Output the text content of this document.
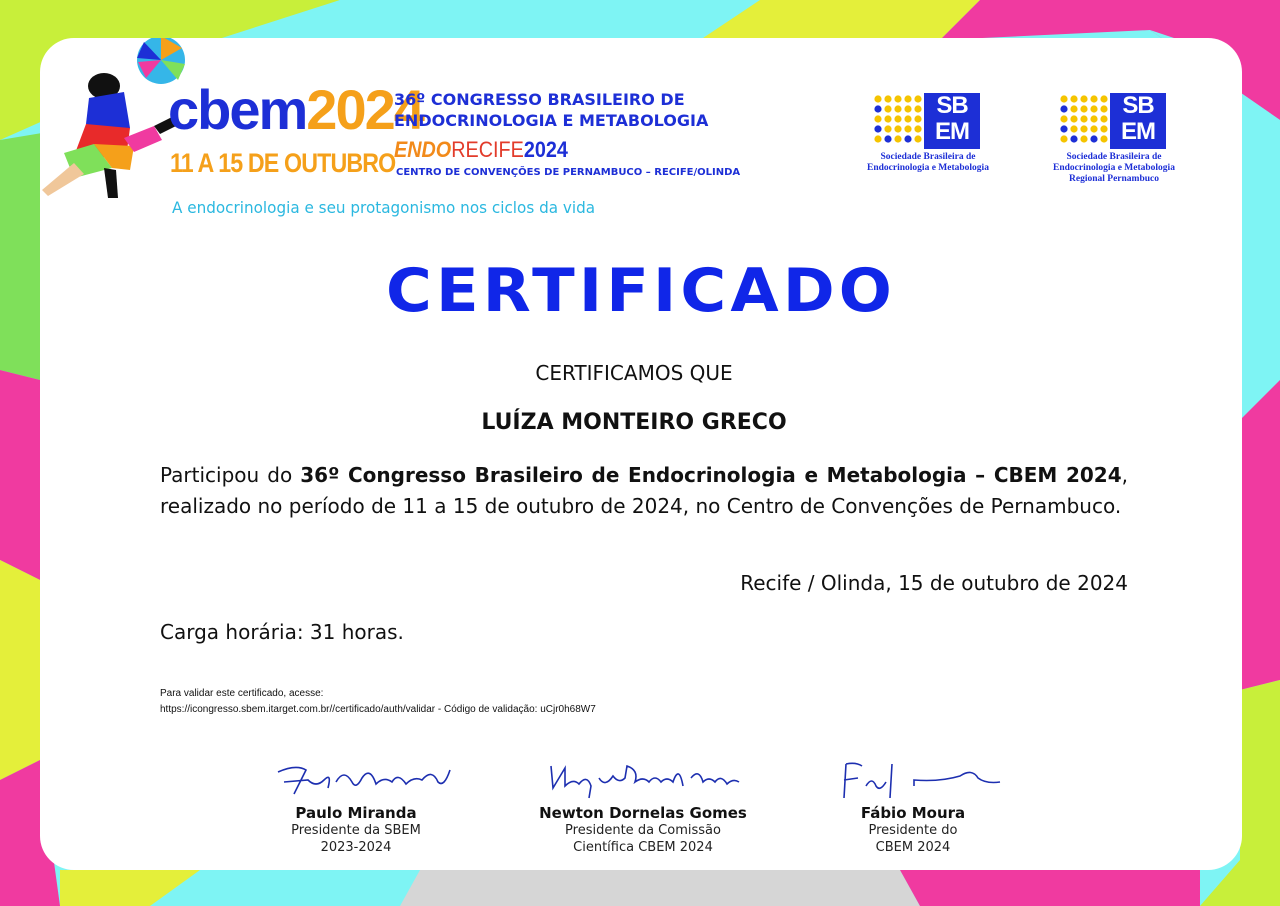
cbem2024
11 A 15 DE OUTUBRO
A endocrinologia e seu protagonismo nos ciclos da vida
36º CONGRESSO BRASILEIRO DE
ENDOCRINOLOGIA E METABOLOGIA
ENDORECIFE2024
CENTRO DE CONVENÇÕES DE PERNAMBUCO – RECIFE/OLINDA
SB
EM
Sociedade Brasileira de
Endocrinologia e Metabologia
SB
EM
Sociedade Brasileira de
Endocrinologia e Metabologia
Regional Pernambuco
CERTIFICADO
CERTIFICAMOS QUE
LUÍZA MONTEIRO GRECO
Participou do 36º Congresso Brasileiro de Endocrinologia e Metabologia – CBEM 2024, realizado no período de 11 a 15 de outubro de 2024, no Centro de Convenções de Pernambuco.
Recife / Olinda, 15 de outubro de 2024
Carga horária: 31 horas.
Para validar este certificado, acesse:
https://icongresso.sbem.itarget.com.br//certificado/auth/validar - Código de validação: uCjr0h68W7
Paulo Miranda
Presidente da SBEM
2023-2024
Newton Dornelas Gomes
Presidente da Comissão
Científica CBEM 2024
Fábio Moura
Presidente do
CBEM 2024
